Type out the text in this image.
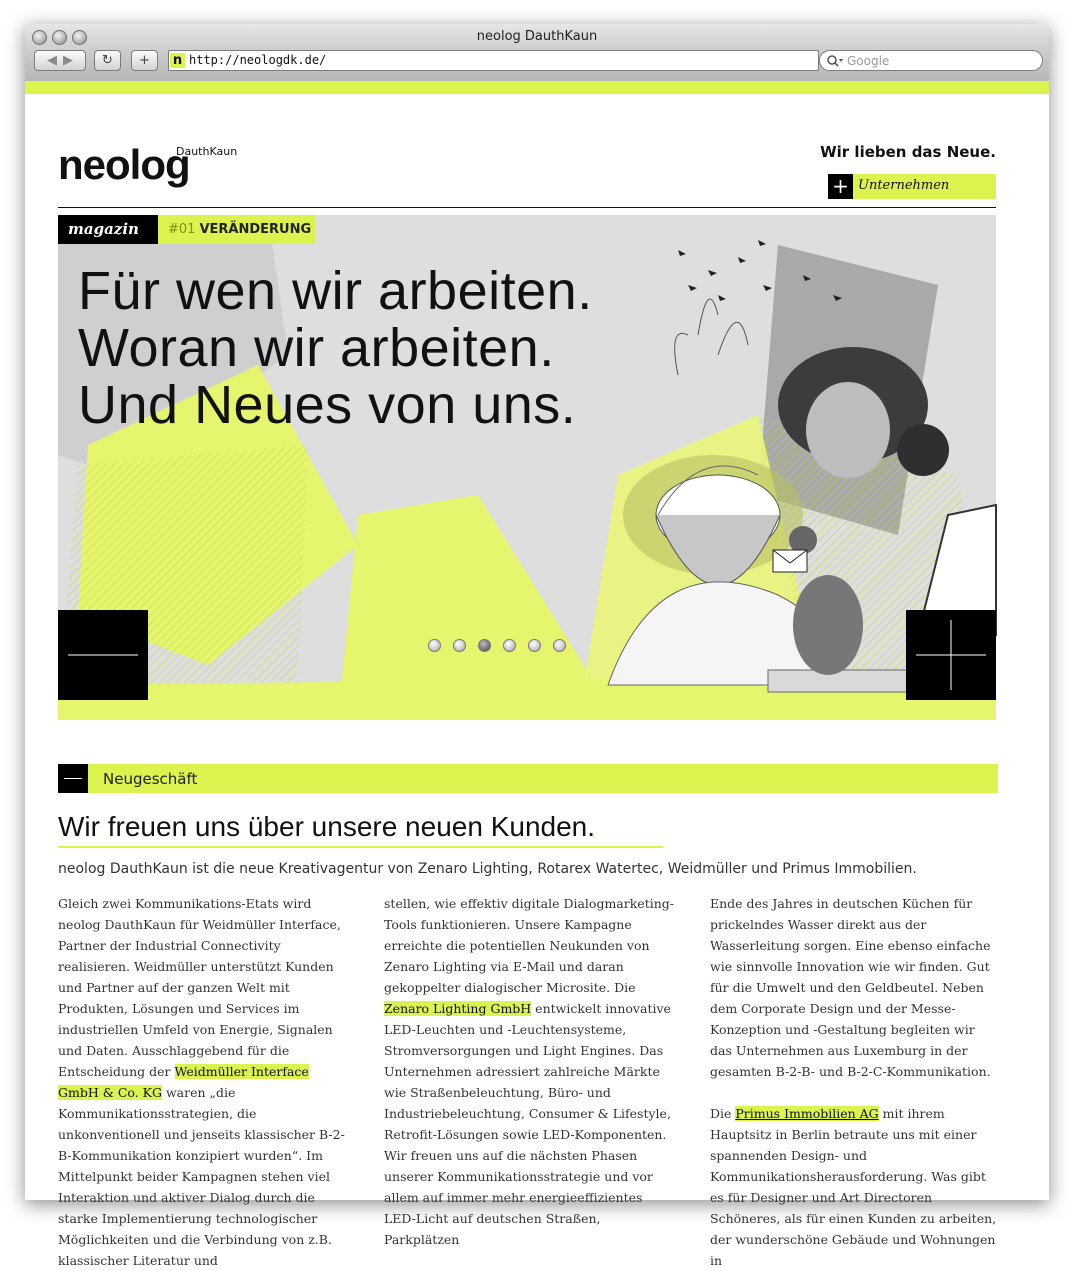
neolog DauthKaun
◀ ▶	↻	+	n http://neologdk.de/	Google
neolog
DauthKaun	Wir lieben das Neue.
+ Unternehmen
magazin	#01 VERÄNDERUNG
Für wen wir arbeiten.
Woran wir arbeiten.
Und Neues von uns.
Neugeschäft
Wir freuen uns über unsere neuen Kunden.
neolog DauthKaun ist die neue Kreativagentur von Zenaro Lighting, Rotarex Watertec, Weidmüller und Primus Immobilien.

Gleich zwei Kommunikations-Etats wird neolog DauthKaun für Weidmüller Interface, Partner der Industrial Connectivity realisieren. Weidmüller unterstützt Kunden und Partner auf der ganzen Welt mit Produkten, Lösungen und Services im industriellen Umfeld von Energie, Signalen und Daten. Ausschlaggebend für die Entscheidung der Weidmüller Interface GmbH & Co. KG waren „die Kommunikationsstrategien, die unkonventionell und jenseits klassischer B-2-B-Kommunikation konzipiert wurden“. Im Mittelpunkt beider Kampagnen stehen viel Interaktion und aktiver Dialog durch die starke Implementierung technologischer Möglichkeiten und die Verbindung von z.B. klassischer Literatur und

stellen, wie effektiv digitale Dialogmarketing-Tools funktionieren. Unsere Kampagne erreichte die potentiellen Neukunden von Zenaro Lighting via E-Mail und daran gekoppelter dialogischer Microsite. Die Zenaro Lighting GmbH entwickelt innovative LED-Leuchten und -Leuchtensysteme, Stromversorgungen und Light Engines. Das Unternehmen adressiert zahlreiche Märkte wie Straßenbeleuchtung, Büro- und Industriebeleuchtung, Consumer & Lifestyle, Retrofit-Lösungen sowie LED-Komponenten. Wir freuen uns auf die nächsten Phasen unserer Kommunikationsstrategie und vor allem auf immer mehr energieeffizientes LED-Licht auf deutschen Straßen, Parkplätzen

Ende des Jahres in deutschen Küchen für prickelndes Wasser direkt aus der Wasserleitung sorgen. Eine ebenso einfache wie sinnvolle Innovation wie wir finden. Gut für die Umwelt und den Geldbeutel. Neben dem Corporate Design und der Messe-Konzeption und -Gestaltung begleiten wir das Unternehmen aus Luxemburg in der gesamten B-2-B- und B-2-C-Kommunikation.

Die Primus Immobilien AG mit ihrem Hauptsitz in Berlin betraute uns mit einer spannenden Design- und Kommunikationsherausforderung. Was gibt es für Designer und Art Directoren Schöneres, als für einen Kunden zu arbeiten, der wunderschöne Gebäude und Wohnungen in
